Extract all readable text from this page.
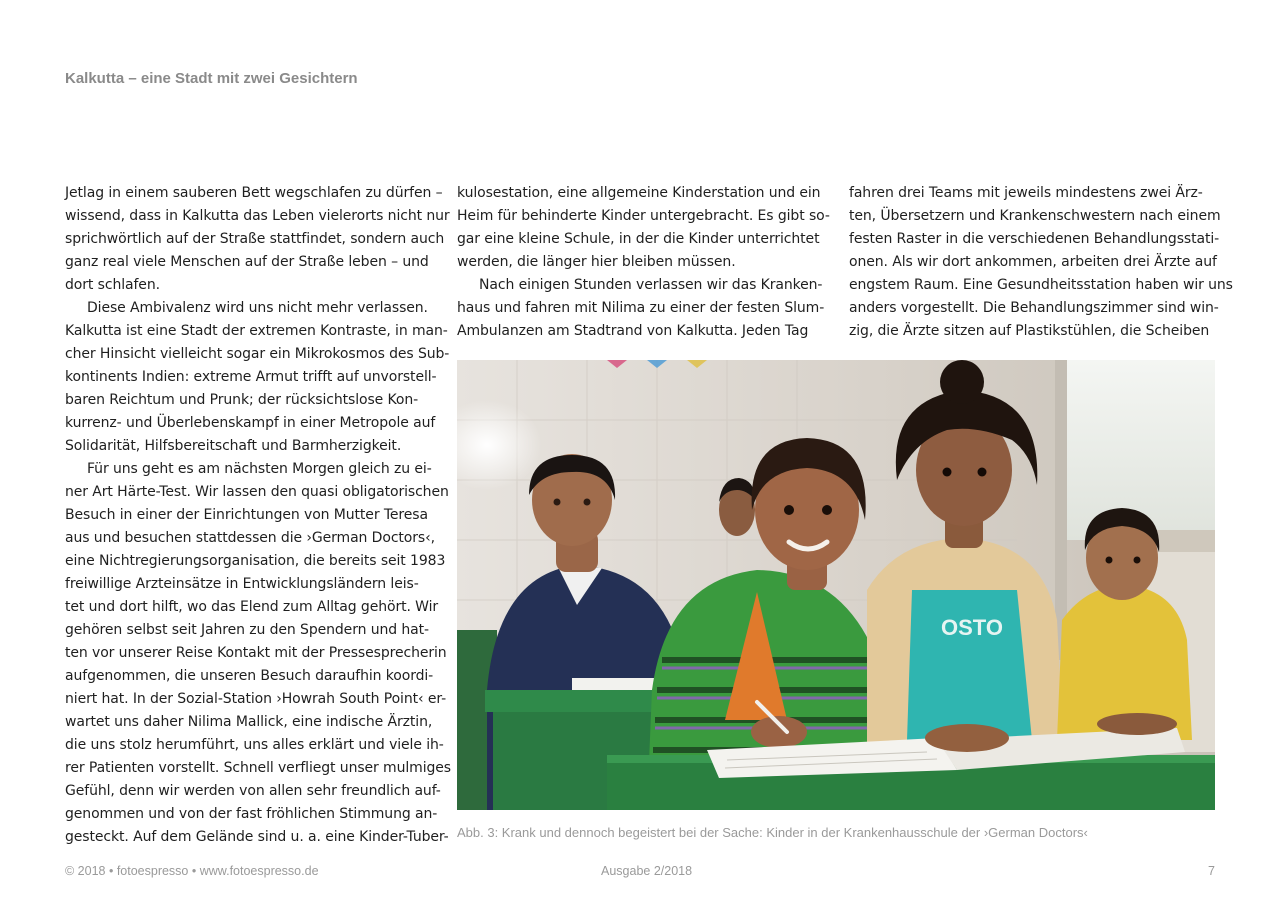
Kalkutta – eine Stadt mit zwei Gesichtern

Jetlag in einem sauberen Bett wegschlafen zu dürfen –
wissend, dass in Kalkutta das Leben vielerorts nicht nur
sprichwörtlich auf der Straße stattfindet, sondern auch
ganz real viele Menschen auf der Straße leben – und
dort schlafen.

Diese Ambivalenz wird uns nicht mehr verlassen.
Kalkutta ist eine Stadt der extremen Kontraste, in man-
cher Hinsicht vielleicht sogar ein Mikrokosmos des Sub-
kontinents Indien: extreme Armut trifft auf unvorstell-
baren Reichtum und Prunk; der rücksichtslose Kon-
kurrenz- und Überlebenskampf in einer Metropole auf
Solidarität, Hilfsbereitschaft und Barmherzigkeit.

Für uns geht es am nächsten Morgen gleich zu ei-
ner Art Härte-Test. Wir lassen den quasi obligatorischen
Besuch in einer der Einrichtungen von Mutter Teresa
aus und besuchen stattdessen die ›German Doctors‹,
eine Nichtregierungsorganisation, die bereits seit 1983
freiwillige Arzteinsätze in Entwicklungsländern leis-
tet und dort hilft, wo das Elend zum Alltag gehört. Wir
gehören selbst seit Jahren zu den Spendern und hat-
ten vor unserer Reise Kontakt mit der Pressesprecherin
aufgenommen, die unseren Besuch daraufhin koordi-
niert hat. In der Sozial-Station ›Howrah South Point‹ er-
wartet uns daher Nilima Mallick, eine indische Ärztin,
die uns stolz herumführt, uns alles erklärt und viele ih-
rer Patienten vorstellt. Schnell verfliegt unser mulmiges
Gefühl, denn wir werden von allen sehr freundlich auf-
genommen und von der fast fröhlichen Stimmung an-
gesteckt. Auf dem Gelände sind u. a. eine Kinder-Tuber-

kulosestation, eine allgemeine Kinderstation und ein
Heim für behinderte Kinder untergebracht. Es gibt so-
gar eine kleine Schule, in der die Kinder unterrichtet
werden, die länger hier bleiben müssen.

Nach einigen Stunden verlassen wir das Kranken-
haus und fahren mit Nilima zu einer der festen Slum-
Ambulanzen am Stadtrand von Kalkutta. Jeden Tag

fahren drei Teams mit jeweils mindestens zwei Ärz-
ten, Übersetzern und Krankenschwestern nach einem
festen Raster in die verschiedenen Behandlungsstati-
onen. Als wir dort ankommen, arbeiten drei Ärzte auf
engstem Raum. Eine Gesundheitsstation haben wir uns
anders vorgestellt. Die Behandlungszimmer sind win-
zig, die Ärzte sitzen auf Plastikstühlen, die Scheiben

OSTO
Abb. 3: Krank und dennoch begeistert bei der Sache: Kinder in der Krankenhausschule der ›German Doctors‹
© 2018 • fotoespresso • www.fotoespresso.de	Ausgabe 2/2018	7
